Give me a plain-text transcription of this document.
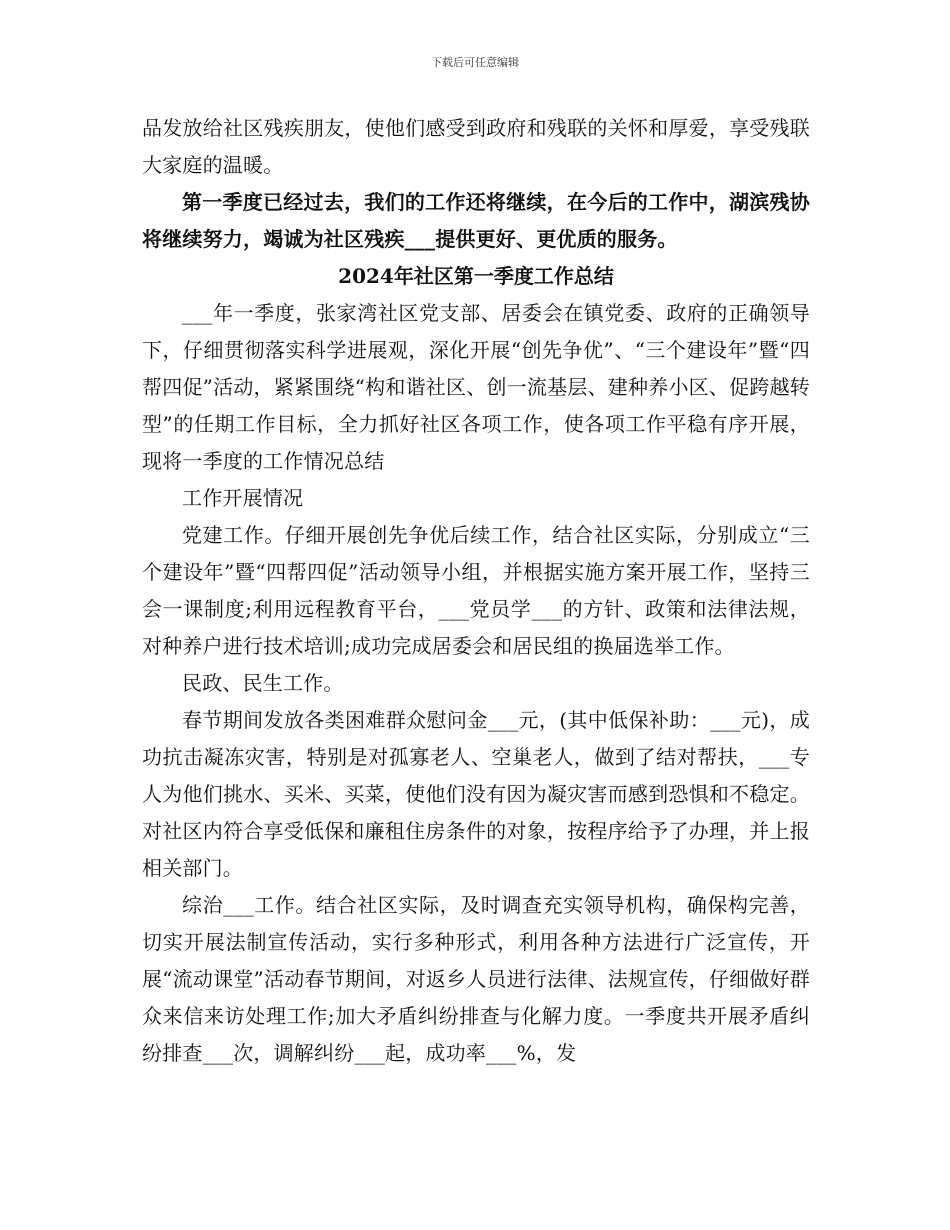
下载后可任意编辑

品发放给社区残疾朋友，使他们感受到政府和残联的关怀和厚爱，享受残联大家庭的温暖。

第一季度已经过去，我们的工作还将继续，在今后的工作中，湖滨残协将继续努力，竭诚为社区残疾___提供更好、更优质的服务。

2024年社区第一季度工作总结

___年一季度，张家湾社区党支部、居委会在镇党委、政府的正确领导下，仔细贯彻落实科学进展观，深化开展“创先争优”、“三个建设年”暨“四帮四促”活动，紧紧围绕“构和谐社区、创一流基层、建种养小区、促跨越转型”的任期工作目标，全力抓好社区各项工作，使各项工作平稳有序开展，现将一季度的工作情况总结

工作开展情况

党建工作。仔细开展创先争优后续工作，结合社区实际，分别成立“三个建设年”暨“四帮四促”活动领导小组，并根据实施方案开展工作，坚持三会一课制度;利用远程教育平台，___党员学___的方针、政策和法律法规，对种养户进行技术培训;成功完成居委会和居民组的换届选举工作。

民政、民生工作。

春节期间发放各类困难群众慰问金___元，(其中低保补助：___元)，成功抗击凝冻灾害，特别是对孤寡老人、空巢老人，做到了结对帮扶，___专人为他们挑水、买米、买菜，使他们没有因为凝灾害而感到恐惧和不稳定。对社区内符合享受低保和廉租住房条件的对象，按程序给予了办理，并上报相关部门。

综治___工作。结合社区实际，及时调查充实领导机构，确保构完善，切实开展法制宣传活动，实行多种形式，利用各种方法进行广泛宣传，开展“流动课堂”活动春节期间，对返乡人员进行法律、法规宣传，仔细做好群众来信来访处理工作;加大矛盾纠纷排查与化解力度。一季度共开展矛盾纠纷排查___次，调解纠纷___起，成功率___%，发
